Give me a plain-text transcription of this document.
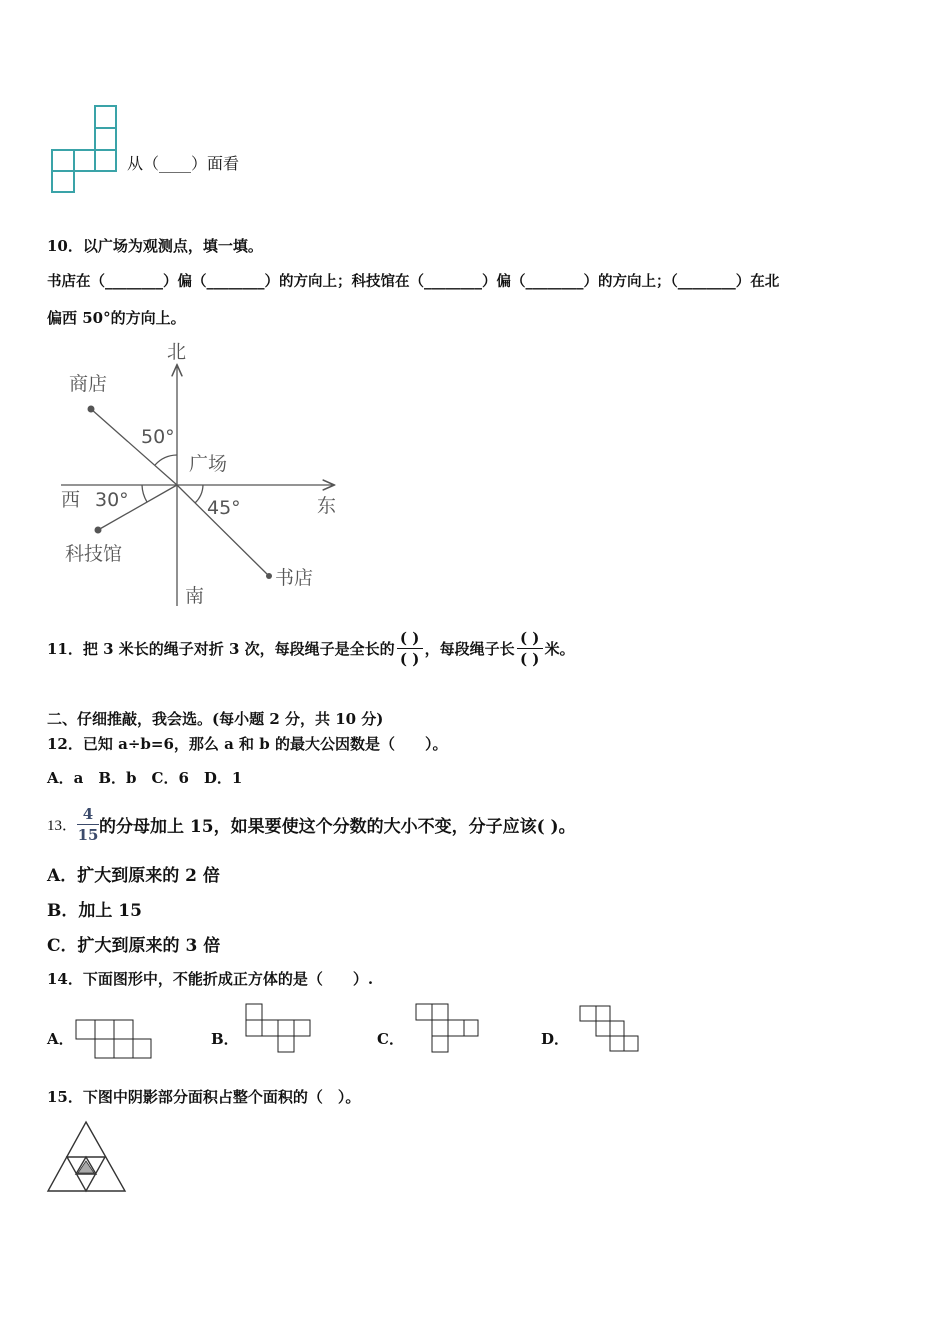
从（____）面看
10．以广场为观测点，填一填。
书店在（________）偏（________）的方向上；科技馆在（________）偏（________）的方向上；（________）在北
偏西 50°的方向上。
北
南
东
西
广场
商店
科技馆
书店
50°
30°	45°
11．把 3 米长的绳子对折 3 次，每段绳子是全长的 $\frac{( )}{( )}$ ，每段绳子长 $\frac{( )}{( )}$ 米。
二、仔细推敲，我会选。(每小题 2 分，共 10 分)
12．已知 a÷b=6，那么 a 和 b 的最大公因数是（　　）。
A．a　B．b　C．6　D．1
13． $\frac{4}{15}$ 的分母加上 15，如果要使这个分数的大小不变，分子应该( )。
A．扩大到原来的 2 倍
B．加上 15
C．扩大到原来的 3 倍
14．下面图形中，不能折成正方体的是（　　）.
A．	B．	C．	D．
15．下图中阴影部分面积占整个面积的（　）。
